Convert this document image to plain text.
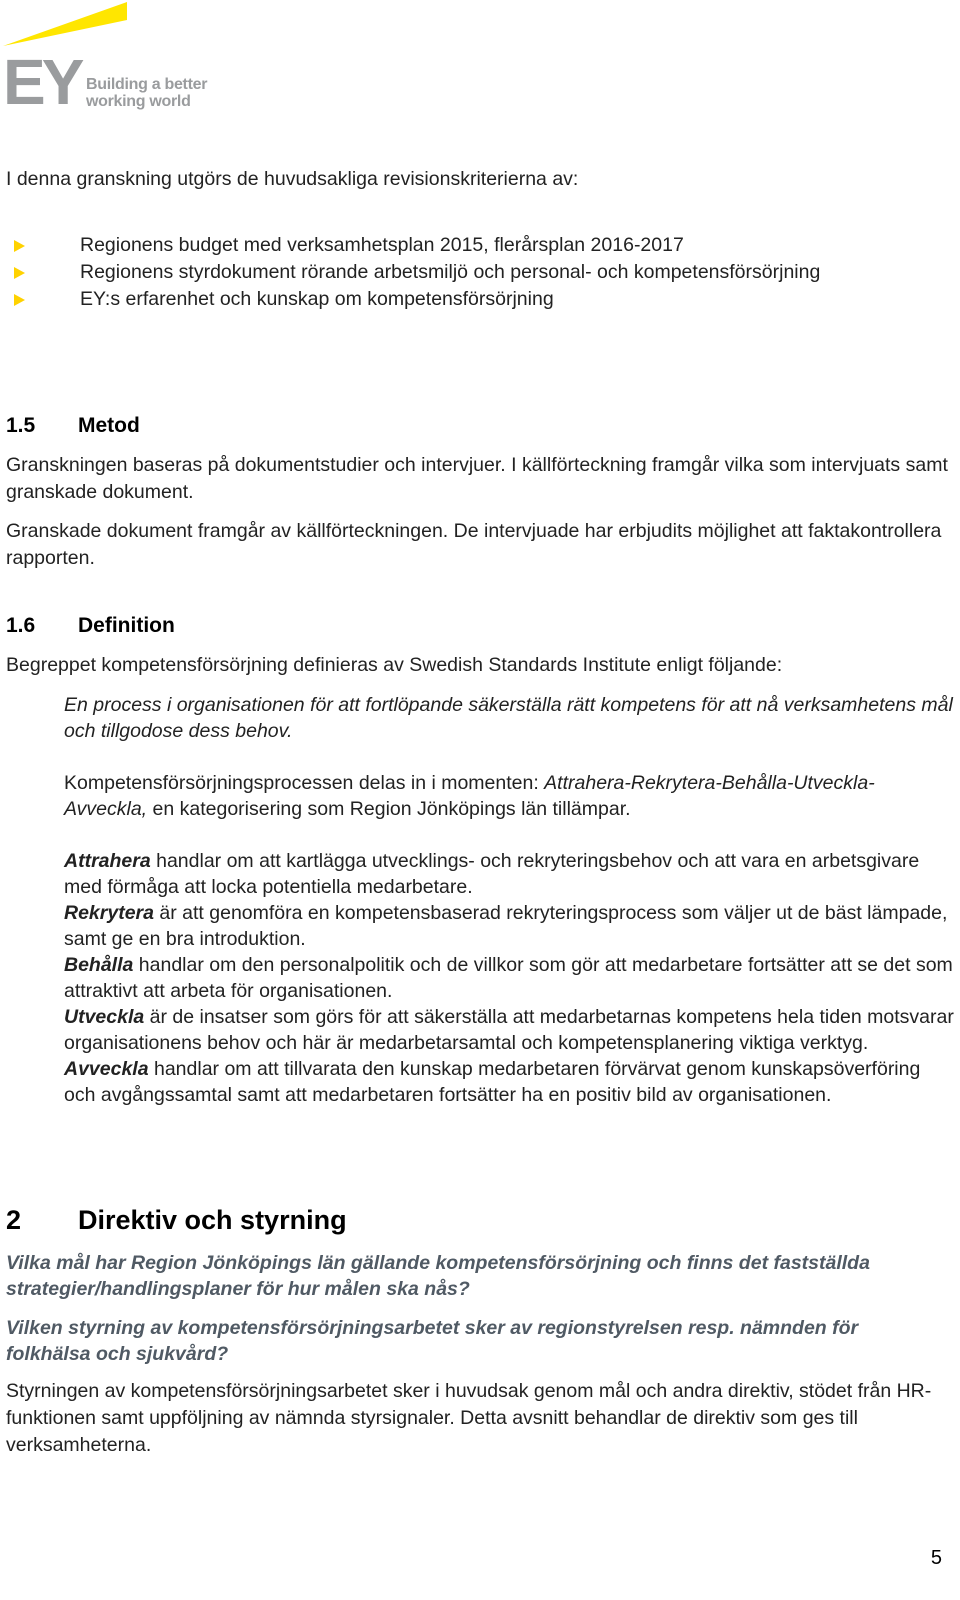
EY Building a better
working world

I denna granskning utgörs de huvudsakliga revisionskriterierna av:

Regionens budget med verksamhetsplan 2015, flerårsplan 2016-2017
Regionens styrdokument rörande arbetsmiljö och personal- och kompetensförsörjning
EY:s erfarenhet och kunskap om kompetensförsörjning
1.5 Metod

Granskningen baseras på dokumentstudier och intervjuer. I källförteckning framgår vilka som intervjuats samt granskade dokument.

Granskade dokument framgår av källförteckningen. De intervjuade har erbjudits möjlighet att faktakontrollera rapporten.

1.6 Definition

Begreppet kompetensförsörjning definieras av Swedish Standards Institute enligt följande:

En process i organisationen för att fortlöpande säkerställa rätt kompetens för att nå verksamhetens mål och tillgodose dess behov.

Kompetensförsörjningsprocessen delas in i momenten: Attrahera-Rekrytera-Behålla-Utveckla-Avveckla, en kategorisering som Region Jönköpings län tillämpar.

Attrahera handlar om att kartlägga utvecklings- och rekryteringsbehov och att vara en arbetsgivare med förmåga att locka potentiella medarbetare.
Rekrytera är att genomföra en kompetensbaserad rekryteringsprocess som väljer ut de bäst lämpade, samt ge en bra introduktion.
Behålla handlar om den personalpolitik och de villkor som gör att medarbetare fortsätter att se det som attraktivt att arbeta för organisationen.
Utveckla är de insatser som görs för att säkerställa att medarbetarnas kompetens hela tiden motsvarar organisationens behov och här är medarbetarsamtal och kompetensplanering viktiga verktyg.
Avveckla handlar om att tillvarata den kunskap medarbetaren förvärvat genom kunskapsöverföring och avgångssamtal samt att medarbetaren fortsätter ha en positiv bild av organisationen.
2 Direktiv och styrning

Vilka mål har Region Jönköpings län gällande kompetensförsörjning och finns det fastställda strategier/handlingsplaner för hur målen ska nås?

Vilken styrning av kompetensförsörjningsarbetet sker av regionstyrelsen resp. nämnden för folkhälsa och sjukvård?

Styrningen av kompetensförsörjningsarbetet sker i huvudsak genom mål och andra direktiv, stödet från HR-funktionen samt uppföljning av nämnda styrsignaler. Detta avsnitt behandlar de direktiv som ges till verksamheterna.

5
